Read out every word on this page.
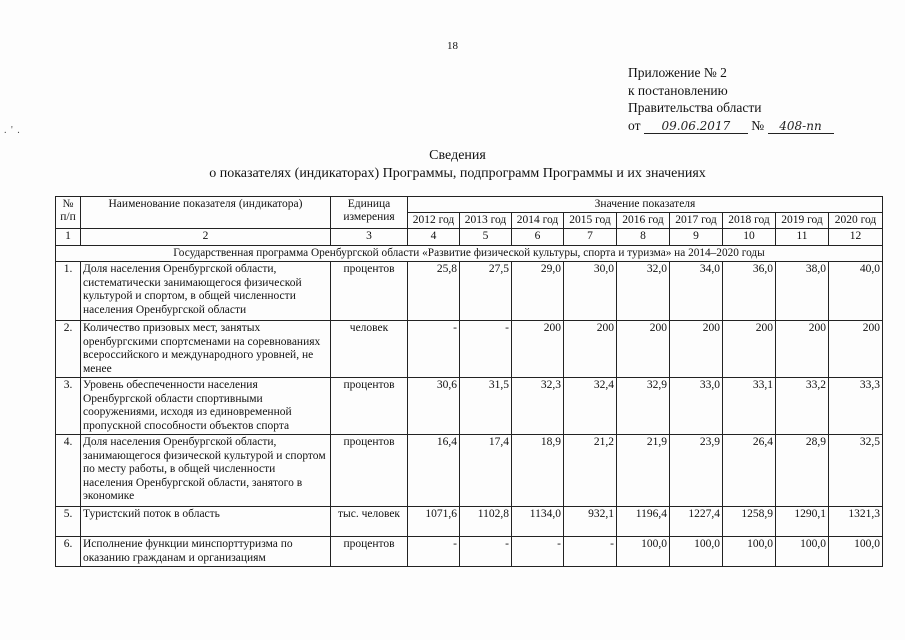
18
. ' .
Приложение № 2
к постановлению
Правительства области
от 09.06.2017 № 408-пп
Сведения
о показателях (индикаторах) Программы, подпрограмм Программы и их значениях
№ п/п	Наименование показателя (индикатора)	Единица измерения	Значение показателя								
			2012 год	2013 год	2014 год	2015 год	2016 год	2017 год	2018 год	2019 год	2020 год
1	2	3	4	5	6	7	8	9	10	11	12
Государственная программа Оренбургской области «Развитие физической культуры, спорта и туризма» на 2014–2020 годы											
1.	Доля населения Оренбургской области, систематически занимающегося физической культурой и спортом, в общей численности населения Оренбургской области	процентов	25,8	27,5	29,0	30,0	32,0	34,0	36,0	38,0	40,0
2.	Количество призовых мест, занятых оренбургскими спортсменами на соревнованиях всероссийского и международного уровней, не менее	человек	-	-	200	200	200	200	200	200	200
3.	Уровень обеспеченности населения Оренбургской области спортивными сооружениями, исходя из единовременной пропускной способности объектов спорта	процентов	30,6	31,5	32,3	32,4	32,9	33,0	33,1	33,2	33,3
4.	Доля населения Оренбургской области, занимающегося физической культурой и спортом по месту работы, в общей численности населения Оренбургской области, занятого в экономике	процентов	16,4	17,4	18,9	21,2	21,9	23,9	26,4	28,9	32,5
5.	Туристский поток в область	тыс. человек	1071,6	1102,8	1134,0	932,1	1196,4	1227,4	1258,9	1290,1	1321,3
6.	Исполнение функции минспорттуризма по оказанию гражданам и организациям	процентов	-	-	-	-	100,0	100,0	100,0	100,0	100,0
